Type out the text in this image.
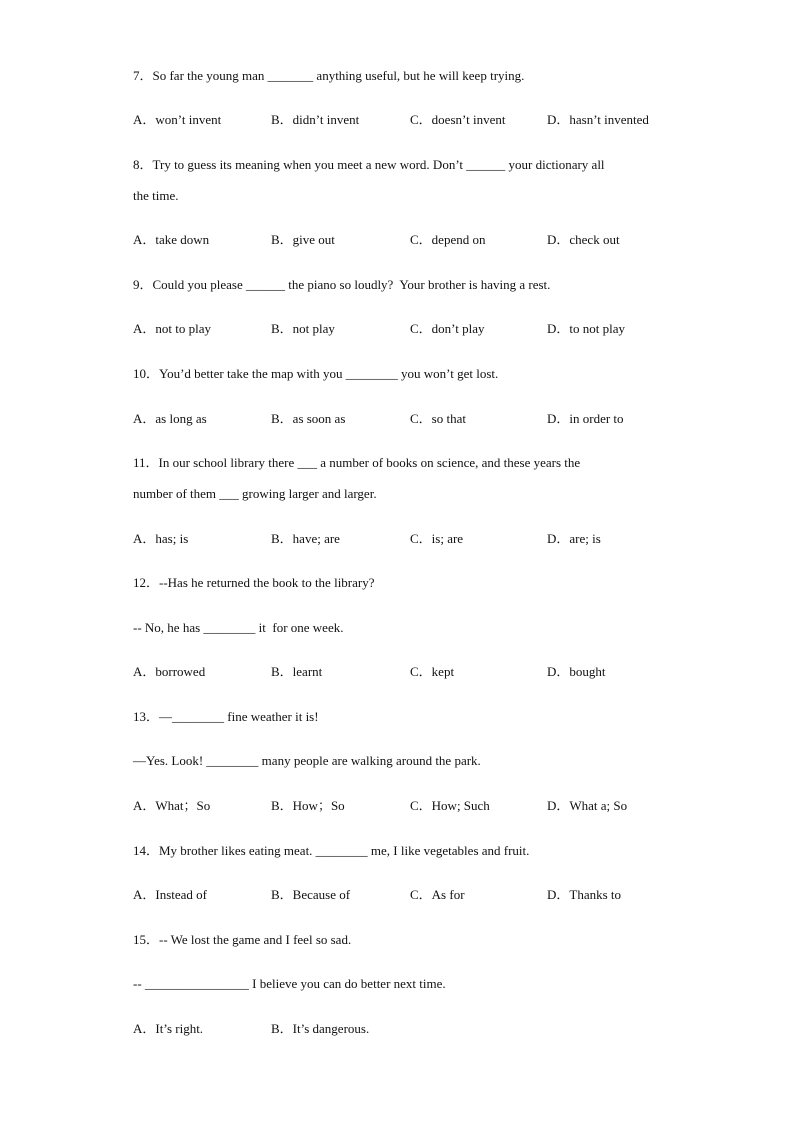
7．So far the young man _______ anything useful, but he will keep trying.
A．won’t invent	B．didn’t invent	C．doesn’t invent	D．hasn’t invented
8．Try to guess its meaning when you meet a new word. Don’t ______ your dictionary all
the time.
A．take down	B．give out	C．depend on	D．check out
9．Could you please ______ the piano so loudly?  Your brother is having a rest.
A．not to play	B．not play	C．don’t play	D．to not play
10．You’d better take the map with you ________ you won’t get lost.
A．as long as	B．as soon as	C．so that	D．in order to
11．In our school library there ___ a number of books on science, and these years the
number of them ___ growing larger and larger.
A．has; is	B．have; are	C．is; are	D．are; is
12．--Has he returned the book to the library?
-- No, he has ________ it  for one week.
A．borrowed	B．learnt	C．kept	D．bought
13．—________ fine weather it is!
—Yes. Look! ________ many people are walking around the park.
A．What；So	B．How；So	C．How; Such	D．What a; So
14．My brother likes eating meat. ________ me, I like vegetables and fruit.
A．Instead of	B．Because of	C．As for	D．Thanks to
15．-- We lost the game and I feel so sad.
-- ________________ I believe you can do better next time.
A．It’s right.	B．It’s dangerous.
